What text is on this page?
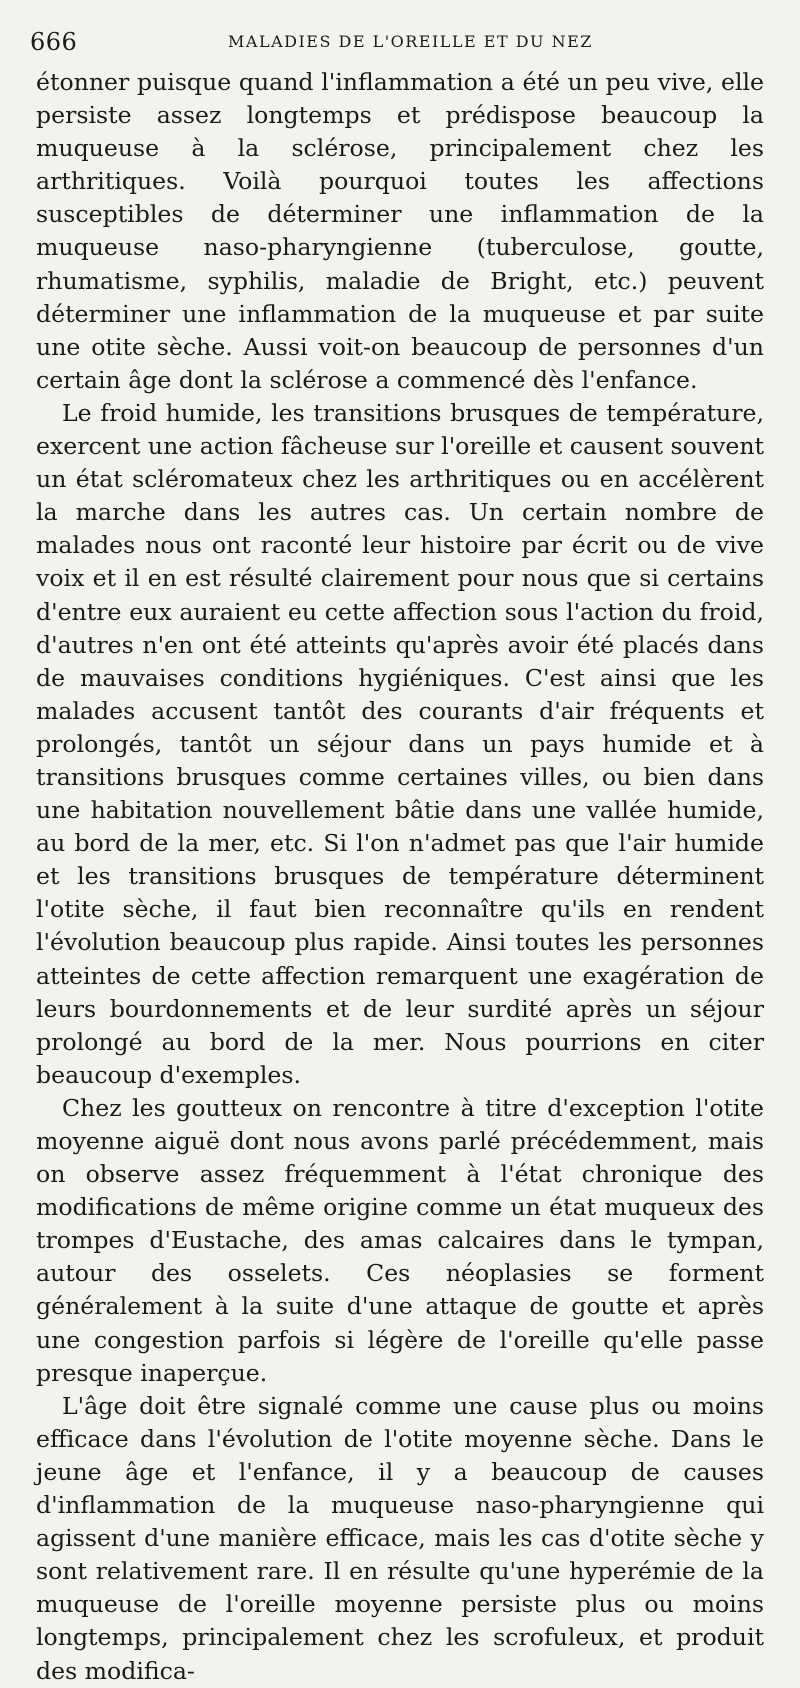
666	MALADIES DE L'OREILLE ET DU NEZ

étonner puisque quand l'inflammation a été un peu vive, elle persiste assez longtemps et prédispose beaucoup la muqueuse à la sclérose, principalement chez les arthritiques. Voilà pourquoi toutes les affections susceptibles de déterminer une inflammation de la muqueuse naso-pharyngienne (tuberculose, goutte, rhumatisme, syphilis, maladie de Bright, etc.) peuvent déterminer une inflammation de la muqueuse et par suite une otite sèche. Aussi voit-on beaucoup de personnes d'un certain âge dont la sclérose a commencé dès l'enfance.

Le froid humide, les transitions brusques de température, exercent une action fâcheuse sur l'oreille et causent souvent un état scléromateux chez les arthritiques ou en accélèrent la marche dans les autres cas. Un certain nombre de malades nous ont raconté leur histoire par écrit ou de vive voix et il en est résulté clairement pour nous que si certains d'entre eux auraient eu cette affection sous l'action du froid, d'autres n'en ont été atteints qu'après avoir été placés dans de mauvaises conditions hygiéniques. C'est ainsi que les malades accusent tantôt des courants d'air fréquents et prolongés, tantôt un séjour dans un pays humide et à transitions brusques comme certaines villes, ou bien dans une habitation nouvellement bâtie dans une vallée humide, au bord de la mer, etc. Si l'on n'admet pas que l'air humide et les transitions brusques de température déterminent l'otite sèche, il faut bien reconnaître qu'ils en rendent l'évolution beaucoup plus rapide. Ainsi toutes les personnes atteintes de cette affection remarquent une exagération de leurs bourdonnements et de leur surdité après un séjour prolongé au bord de la mer. Nous pourrions en citer beaucoup d'exemples.

Chez les goutteux on rencontre à titre d'exception l'otite moyenne aiguë dont nous avons parlé précédemment, mais on observe assez fréquemment à l'état chronique des modifications de même origine comme un état muqueux des trompes d'Eustache, des amas calcaires dans le tympan, autour des osselets. Ces néoplasies se forment généralement à la suite d'une attaque de goutte et après une congestion parfois si légère de l'oreille qu'elle passe presque inaperçue.

L'âge doit être signalé comme une cause plus ou moins efficace dans l'évolution de l'otite moyenne sèche. Dans le jeune âge et l'enfance, il y a beaucoup de causes d'inflammation de la muqueuse naso-pharyngienne qui agissent d'une manière efficace, mais les cas d'otite sèche y sont relativement rare. Il en résulte qu'une hyperémie de la muqueuse de l'oreille moyenne persiste plus ou moins longtemps, principalement chez les scrofuleux, et produit des modifica-
